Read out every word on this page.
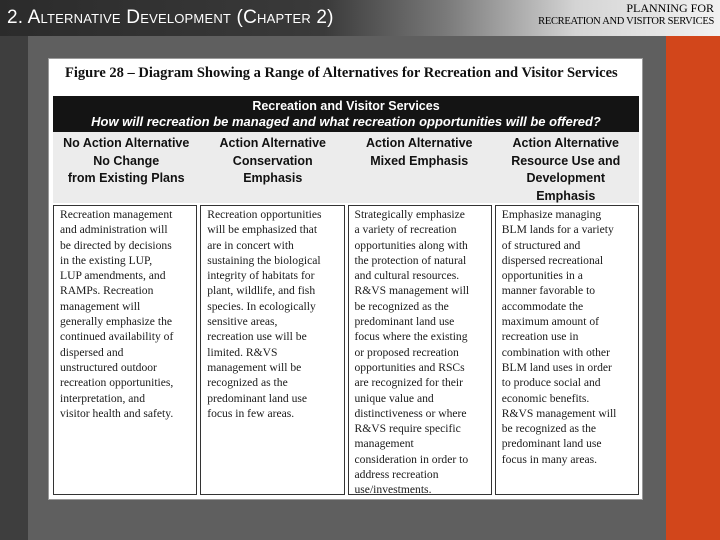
2. Alternative Development (Chapter 2)	PLANNING FOR
RECREATION AND VISITOR SERVICES
Figure 28 – Diagram Showing a Range of Alternatives for Recreation and Visitor Services
Recreation and Visitor Services
How will recreation be managed and what recreation opportunities will be offered?
No Action Alternative
No Change
from Existing Plans
Action Alternative
Conservation
Emphasis
Action Alternative
Mixed Emphasis
Action Alternative
Resource Use and
Development
Emphasis
Recreation management
and administration will
be directed by decisions
in the existing LUP,
LUP amendments, and
RAMPs. Recreation
management will
generally emphasize the
continued availability of
dispersed and
unstructured outdoor
recreation opportunities,
interpretation, and
visitor health and safety.
Recreation opportunities
will be emphasized that
are in concert with
sustaining the biological
integrity of habitats for
plant, wildlife, and fish
species. In ecologically
sensitive areas,
recreation use will be
limited. R&VS
management will be
recognized as the
predominant land use
focus in few areas.
Strategically emphasize
a variety of recreation
opportunities along with
the protection of natural
and cultural resources.
R&VS management will
be recognized as the
predominant land use
focus where the existing
or proposed recreation
opportunities and RSCs
are recognized for their
unique value and
distinctiveness or where
R&VS require specific
management
consideration in order to
address recreation
use/investments.
Emphasize managing
BLM lands for a variety
of structured and
dispersed recreational
opportunities in a
manner favorable to
accommodate the
maximum amount of
recreation use in
combination with other
BLM land uses in order
to produce social and
economic benefits.
R&VS management will
be recognized as the
predominant land use
focus in many areas.
